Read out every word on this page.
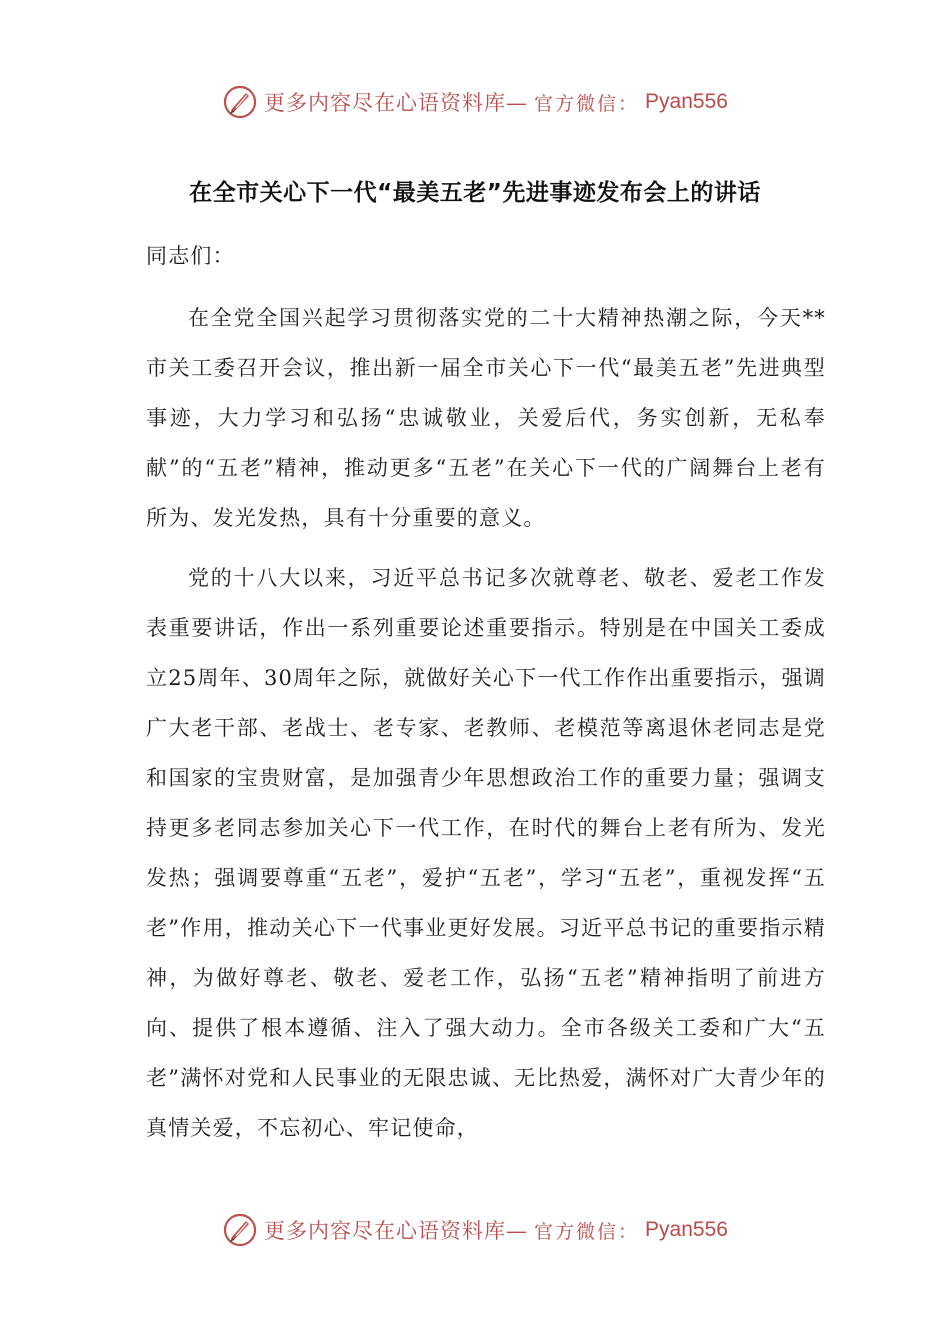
更多内容尽在心语资料库— 官方微信： Pyan556
在全市关心下一代“最美五老”先进事迹发布会上的讲话

同志们：

在全党全国兴起学习贯彻落实党的二十大精神热潮之际，今天**市关工委召开会议，推出新一届全市关心下一代“最美五老”先进典型事迹，大力学习和弘扬“忠诚敬业，关爱后代，务实创新，无私奉献”的“五老”精神，推动更多“五老”在关心下一代的广阔舞台上老有所为、发光发热，具有十分重要的意义。

党的十八大以来，习近平总书记多次就尊老、敬老、爱老工作发表重要讲话，作出一系列重要论述重要指示。特别是在中国关工委成立25周年、30周年之际，就做好关心下一代工作作出重要指示，强调广大老干部、老战士、老专家、老教师、老模范等离退休老同志是党和国家的宝贵财富，是加强青少年思想政治工作的重要力量；强调支持更多老同志参加关心下一代工作，在时代的舞台上老有所为、发光发热；强调要尊重“五老”，爱护“五老”，学习“五老”，重视发挥“五老”作用，推动关心下一代事业更好发展。习近平总书记的重要指示精神，为做好尊老、敬老、爱老工作，弘扬“五老”精神指明了前进方向、提供了根本遵循、注入了强大动力。全市各级关工委和广大“五老”满怀对党和人民事业的无限忠诚、无比热爱，满怀对广大青少年的真情关爱，不忘初心、牢记使命，

更多内容尽在心语资料库— 官方微信： Pyan556
